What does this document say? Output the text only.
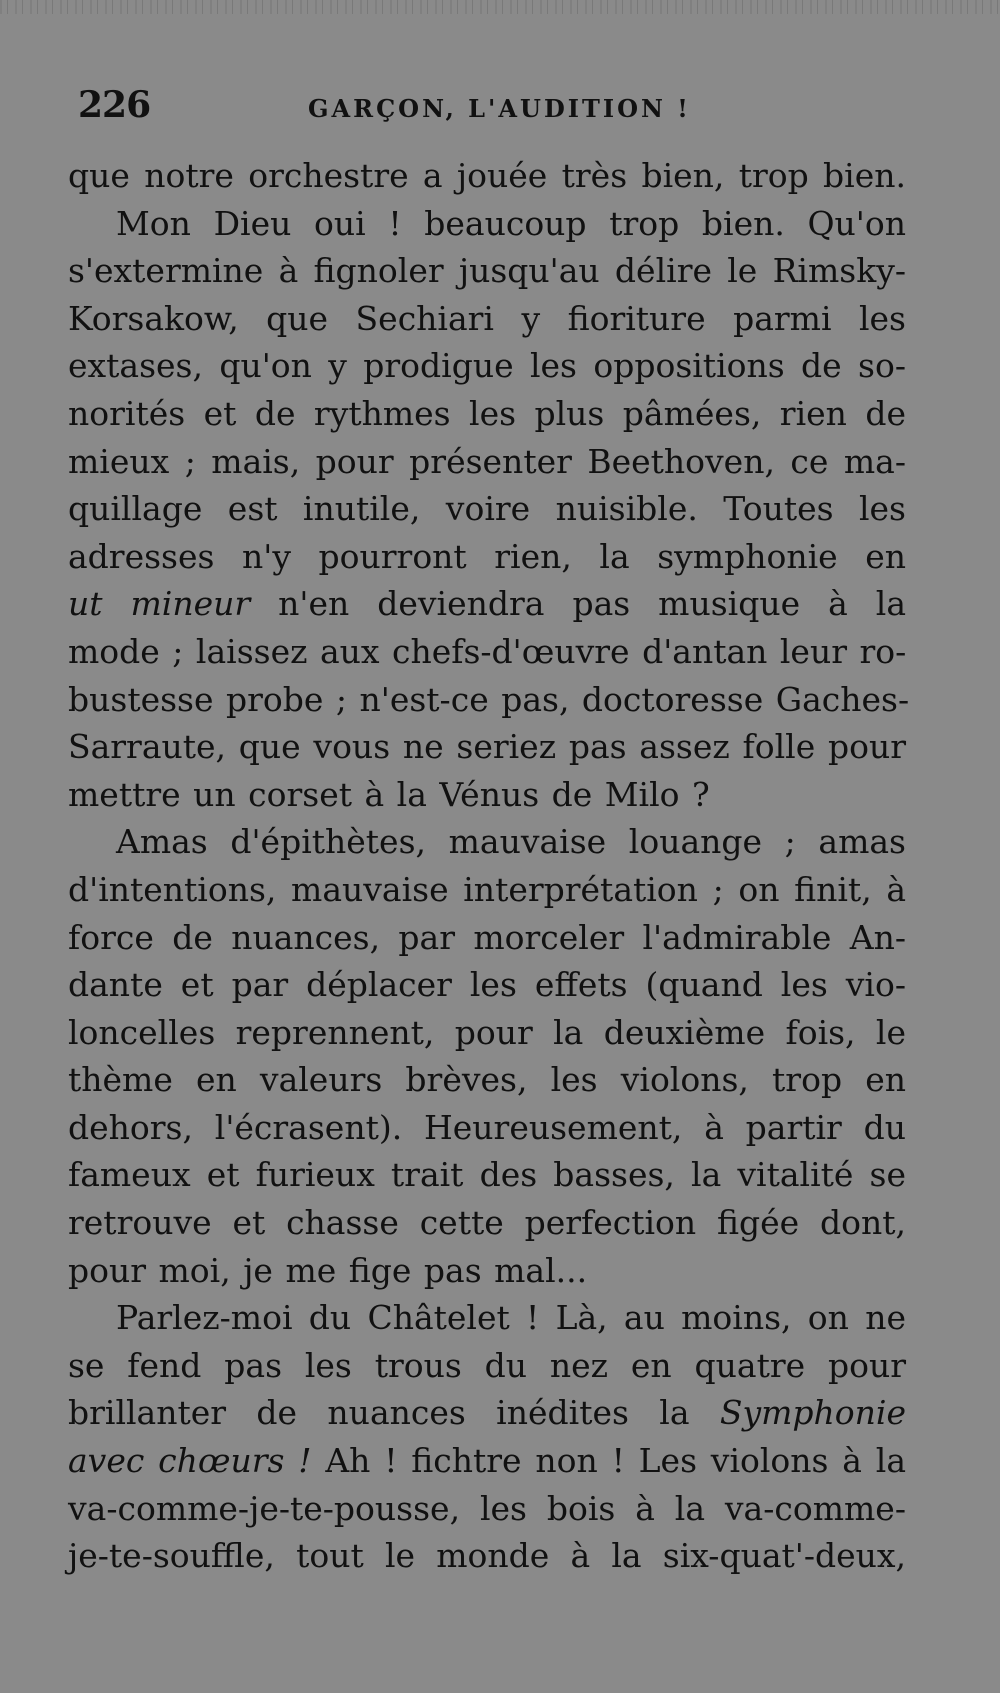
226	GARÇON, L'AUDITION !
que notre orchestre a jouée très bien, trop bien.
Mon Dieu oui ! beaucoup trop bien. Qu'on
s'extermine à fignoler jusqu'au délire le Rimsky-
Korsakow, que Sechiari y fioriture parmi les
extases, qu'on y prodigue les oppositions de so-
norités et de rythmes les plus pâmées, rien de
mieux ; mais, pour présenter Beethoven, ce ma-
quillage est inutile, voire nuisible. Toutes les
adresses n'y pourront rien, la symphonie en
ut mineur n'en deviendra pas musique à la
mode ; laissez aux chefs-d'œuvre d'antan leur ro-
bustesse probe ; n'est-ce pas, doctoresse Gaches-
Sarraute, que vous ne seriez pas assez folle pour
mettre un corset à la Vénus de Milo ?
Amas d'épithètes, mauvaise louange ; amas
d'intentions, mauvaise interprétation ; on finit, à
force de nuances, par morceler l'admirable An-
dante et par déplacer les effets (quand les vio-
loncelles reprennent, pour la deuxième fois, le
thème en valeurs brèves, les violons, trop en
dehors, l'écrasent). Heureusement, à partir du
fameux et furieux trait des basses, la vitalité se
retrouve et chasse cette perfection figée dont,
pour moi, je me fige pas mal...
Parlez-moi du Châtelet ! Là, au moins, on ne
se fend pas les trous du nez en quatre pour
brillanter de nuances inédites la Symphonie
avec chœurs ! Ah ! fichtre non ! Les violons à la
va-comme-je-te-pousse, les bois à la va-comme-
je-te-souffle, tout le monde à la six-quat'-deux,
